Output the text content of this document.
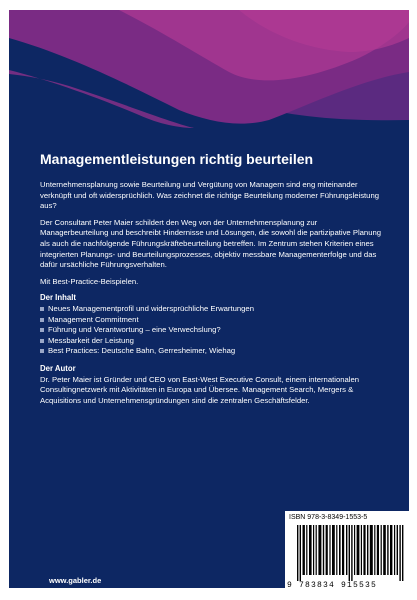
Managementleistungen richtig beurteilen

Unternehmensplanung sowie Beurteilung und Vergütung von Managern sind eng miteinander verknüpft und oft widersprüchlich. Was zeichnet die richtige Beurteilung moderner Führungsleistung aus?

Der Consultant Peter Maier schildert den Weg von der Unternehmensplanung zur Managerbeurteilung und beschreibt Hindernisse und Lösungen, die sowohl die partizipative Planung als auch die nachfolgende Führungskräftebeurteilung betreffen. Im Zentrum stehen Kriterien eines integrierten Planungs- und Beurteilungsprozesses, objektiv messbare Managementerfolge und das dafür ursächliche Führungsverhalten.

Mit Best-Practice-Beispielen.

Der Inhalt
Neues Managementprofil und widersprüchliche Erwartungen
Management Commitment
Führung und Verantwortung – eine Verwechslung?
Messbarkeit der Leistung
Best Practices: Deutsche Bahn, Gerresheimer, Wiehag
Der Autor

Dr. Peter Maier ist Gründer und CEO von East-West Executive Consult, einem internationalen Consultingnetzwerk mit Aktivitäten in Europa und Übersee. Management Search, Mergers & Acquisitions und Unternehmensgründungen sind die zentralen Geschäftsfelder.

www.gabler.de
ISBN 978-3-8349-1553-5
9 783834 915535
